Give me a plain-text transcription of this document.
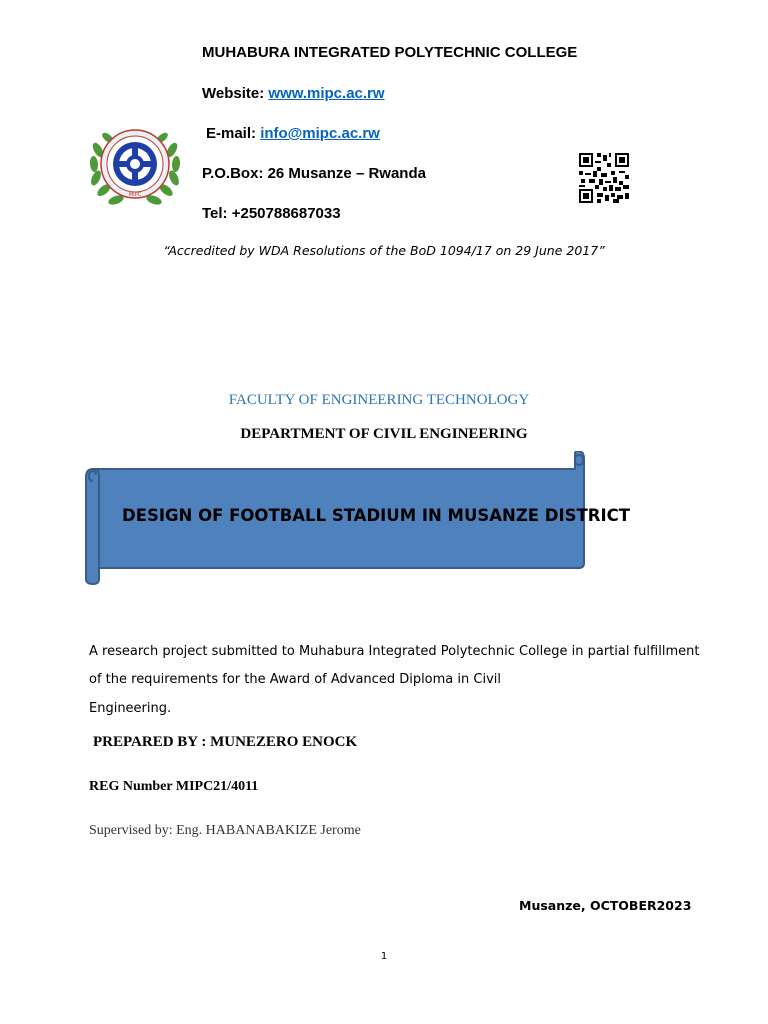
MUHABURA INTEGRATED POLYTECHNIC COLLEGE
Website: www.mipc.ac.rw
E-mail: info@mipc.ac.rw
P.O.Box: 26 Musanze – Rwanda
Tel: +250788687033
MIPC
“Accredited by WDA Resolutions of the BoD 1094/17 on 29 June 2017”
FACULTY OF ENGINEERING TECHNOLOGY
DEPARTMENT OF CIVIL ENGINEERING
DESIGN OF FOOTBALL STADIUM IN MUSANZE DISTRICT
A research project submitted to Muhabura Integrated Polytechnic College in partial fulfillment
of the requirements for the Award of Advanced Diploma in Civil
Engineering.
PREPARED BY : MUNEZERO ENOCK
REG Number MIPC21/4011
Supervised by: Eng. HABANABAKIZE Jerome
Musanze, OCTOBER2023
1
